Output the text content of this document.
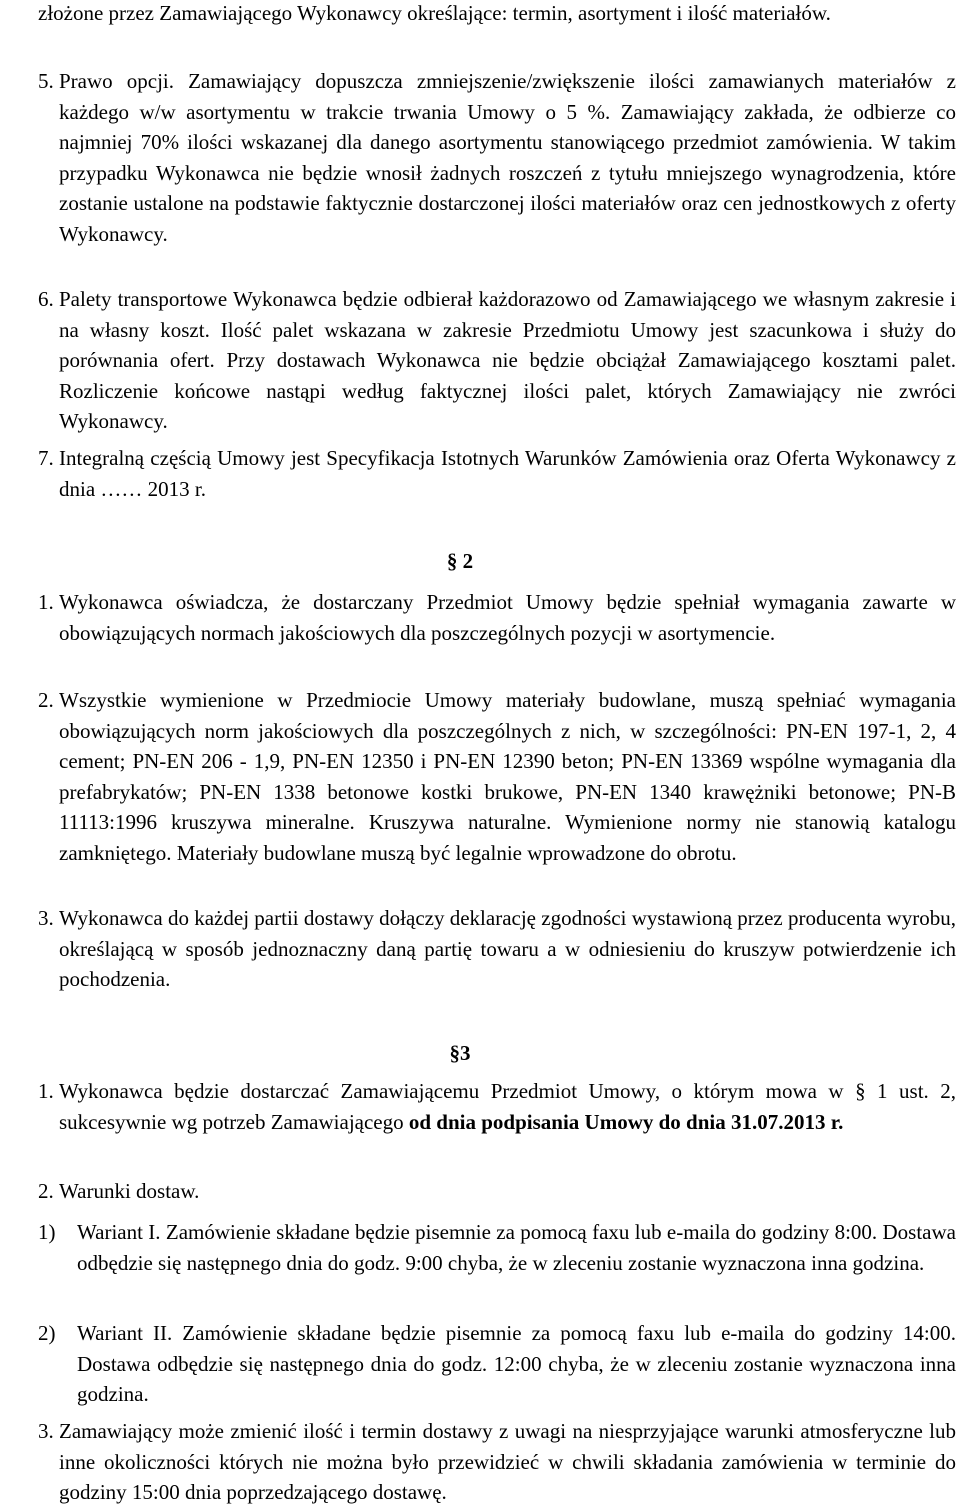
złożone przez Zamawiającego Wykonawcy określające: termin, asortyment i ilość materiałów.

5. Prawo opcji. Zamawiający dopuszcza zmniejszenie/zwiększenie ilości zamawianych materiałów z każdego w/w asortymentu w trakcie trwania Umowy o 5 %. Zamawiający zakłada, że odbierze co najmniej 70% ilości wskazanej dla danego asortymentu stanowiącego przedmiot zamówienia. W takim przypadku Wykonawca nie będzie wnosił żadnych roszczeń z tytułu mniejszego wynagrodzenia, które zostanie ustalone na podstawie faktycznie dostarczonej ilości materiałów oraz cen jednostkowych z oferty Wykonawcy.
6. Palety transportowe Wykonawca będzie odbierał każdorazowo od Zamawiającego we własnym zakresie i na własny koszt. Ilość palet wskazana w zakresie Przedmiotu Umowy jest szacunkowa i służy do porównania ofert. Przy dostawach Wykonawca nie będzie obciążał Zamawiającego kosztami palet. Rozliczenie końcowe nastąpi według faktycznej ilości palet, których Zamawiający nie zwróci Wykonawcy.
7. Integralną częścią Umowy jest Specyfikacja Istotnych Warunków Zamówienia oraz Oferta Wykonawcy z dnia …… 2013 r.

§ 2

1. Wykonawca oświadcza, że dostarczany Przedmiot Umowy będzie spełniał wymagania zawarte w obowiązujących normach jakościowych dla poszczególnych pozycji w asortymencie.
2. Wszystkie wymienione w Przedmiocie Umowy materiały budowlane, muszą spełniać wymagania obowiązujących norm jakościowych dla poszczególnych z nich, w szczególności: PN-EN 197-1, 2, 4 cement; PN-EN 206 - 1,9, PN-EN 12350 i PN-EN 12390 beton; PN-EN 13369 wspólne wymagania dla prefabrykatów; PN-EN 1338 betonowe kostki brukowe, PN-EN 1340 krawężniki betonowe; PN-B 11113:1996 kruszywa mineralne. Kruszywa naturalne. Wymienione normy nie stanowią katalogu zamkniętego. Materiały budowlane muszą być legalnie wprowadzone do obrotu.
3. Wykonawca do każdej partii dostawy dołączy deklarację zgodności wystawioną przez producenta wyrobu, określającą w sposób jednoznaczny daną partię towaru a w odniesieniu do kruszyw potwierdzenie ich pochodzenia.

§3

1. Wykonawca będzie dostarczać Zamawiającemu Przedmiot Umowy, o którym mowa w § 1 ust. 2, sukcesywnie wg potrzeb Zamawiającego od dnia podpisania Umowy do dnia 31.07.2013 r.
2. Warunki dostaw.
1)	Wariant I. Zamówienie składane będzie pisemnie za pomocą faxu lub e-maila do godziny 8:00. Dostawa odbędzie się następnego dnia do godz. 9:00 chyba, że w zleceniu zostanie wyznaczona inna godzina.
2)	Wariant II. Zamówienie składane będzie pisemnie za pomocą faxu lub e-maila do godziny 14:00. Dostawa odbędzie się następnego dnia do godz. 12:00 chyba, że w zleceniu zostanie wyznaczona inna godzina.
3. Zamawiający może zmienić ilość i termin dostawy z uwagi na niesprzyjające warunki atmosferyczne lub inne okoliczności których nie można było przewidzieć w chwili składania zamówienia w terminie do godziny 15:00 dnia poprzedzającego dostawę.
